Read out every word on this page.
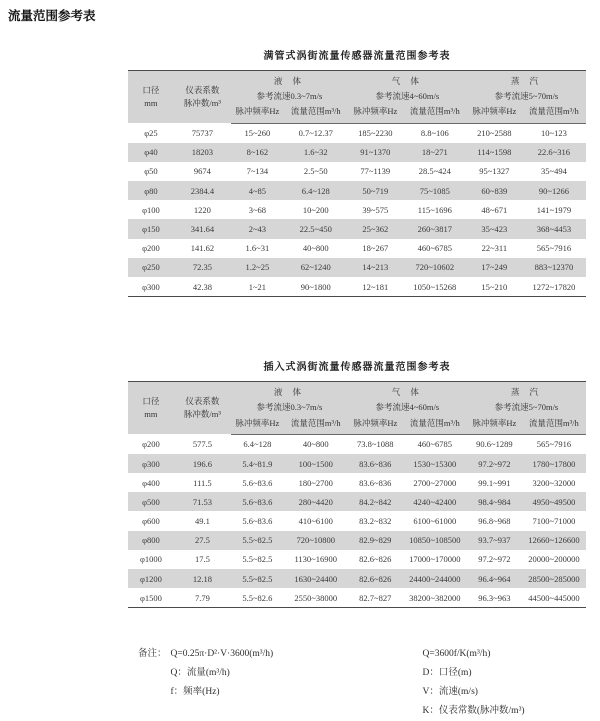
流量范围参考表
满管式涡街流量传感器流量范围参考表
口径
mm	仪表系数
脉冲数/m³	液 体		气 体		蒸 汽	
		参考流速0.3~7m/s		参考流速4~60m/s		参考流速5~70m/s	
		脉冲频率Hz	流量范围m³/h	脉冲频率Hz	流量范围m³/h	脉冲频率Hz	流量范围m³/h
φ25	75737	15~260	0.7~12.37	185~2230	8.8~106	210~2588	10~123
φ40	18203	8~162	1.6~32	91~1370	18~271	114~1598	22.6~316
φ50	9674	7~134	2.5~50	77~1139	28.5~424	95~1327	35~494
φ80	2384.4	4~85	6.4~128	50~719	75~1085	60~839	90~1266
φ100	1220	3~68	10~200	39~575	115~1696	48~671	141~1979
φ150	341.64	2~43	22.5~450	25~362	260~3817	35~423	368~4453
φ200	141.62	1.6~31	40~800	18~267	460~6785	22~311	565~7916
φ250	72.35	1.2~25	62~1240	14~213	720~10602	17~249	883~12370
φ300	42.38	1~21	90~1800	12~181	1050~15268	15~210	1272~17820
插入式涡街流量传感器流量范围参考表
口径
mm	仪表系数
脉冲数/m³	液 体		气 体		蒸 汽	
		参考流速0.3~7m/s		参考流速4~60m/s		参考流速5~70m/s	
		脉冲频率Hz	流量范围m³/h	脉冲频率Hz	流量范围m³/h	脉冲频率Hz	流量范围m³/h
φ200	577.5	6.4~128	40~800	73.8~1088	460~6785	90.6~1289	565~7916
φ300	196.6	5.4~81.9	100~1500	83.6~836	1530~15300	97.2~972	1780~17800
φ400	111.5	5.6~83.6	180~2700	83.6~836	2700~27000	99.1~991	3200~32000
φ500	71.53	5.6~83.6	280~4420	84.2~842	4240~42400	98.4~984	4950~49500
φ600	49.1	5.6~83.6	410~6100	83.2~832	6100~61000	96.8~968	7100~71000
φ800	27.5	5.5~82.5	720~10800	82.9~829	10850~108500	93.7~937	12660~126600
φ1000	17.5	5.5~82.5	1130~16900	82.6~826	17000~170000	97.2~972	20000~200000
φ1200	12.18	5.5~82.5	1630~24400	82.6~826	24400~244000	96.4~964	28500~285000
φ1500	7.79	5.5~82.6	2550~38000	82.7~827	38200~382000	96.3~963	44500~445000
备注： Q=0.25π·D²·V·3600(m³/h)
Q：流量(m³/h)
f：频率(Hz)
Q=3600f/K(m³/h)
D：口径(m)
V：流速(m/s)
K：仪表常数(脉冲数/m³)
